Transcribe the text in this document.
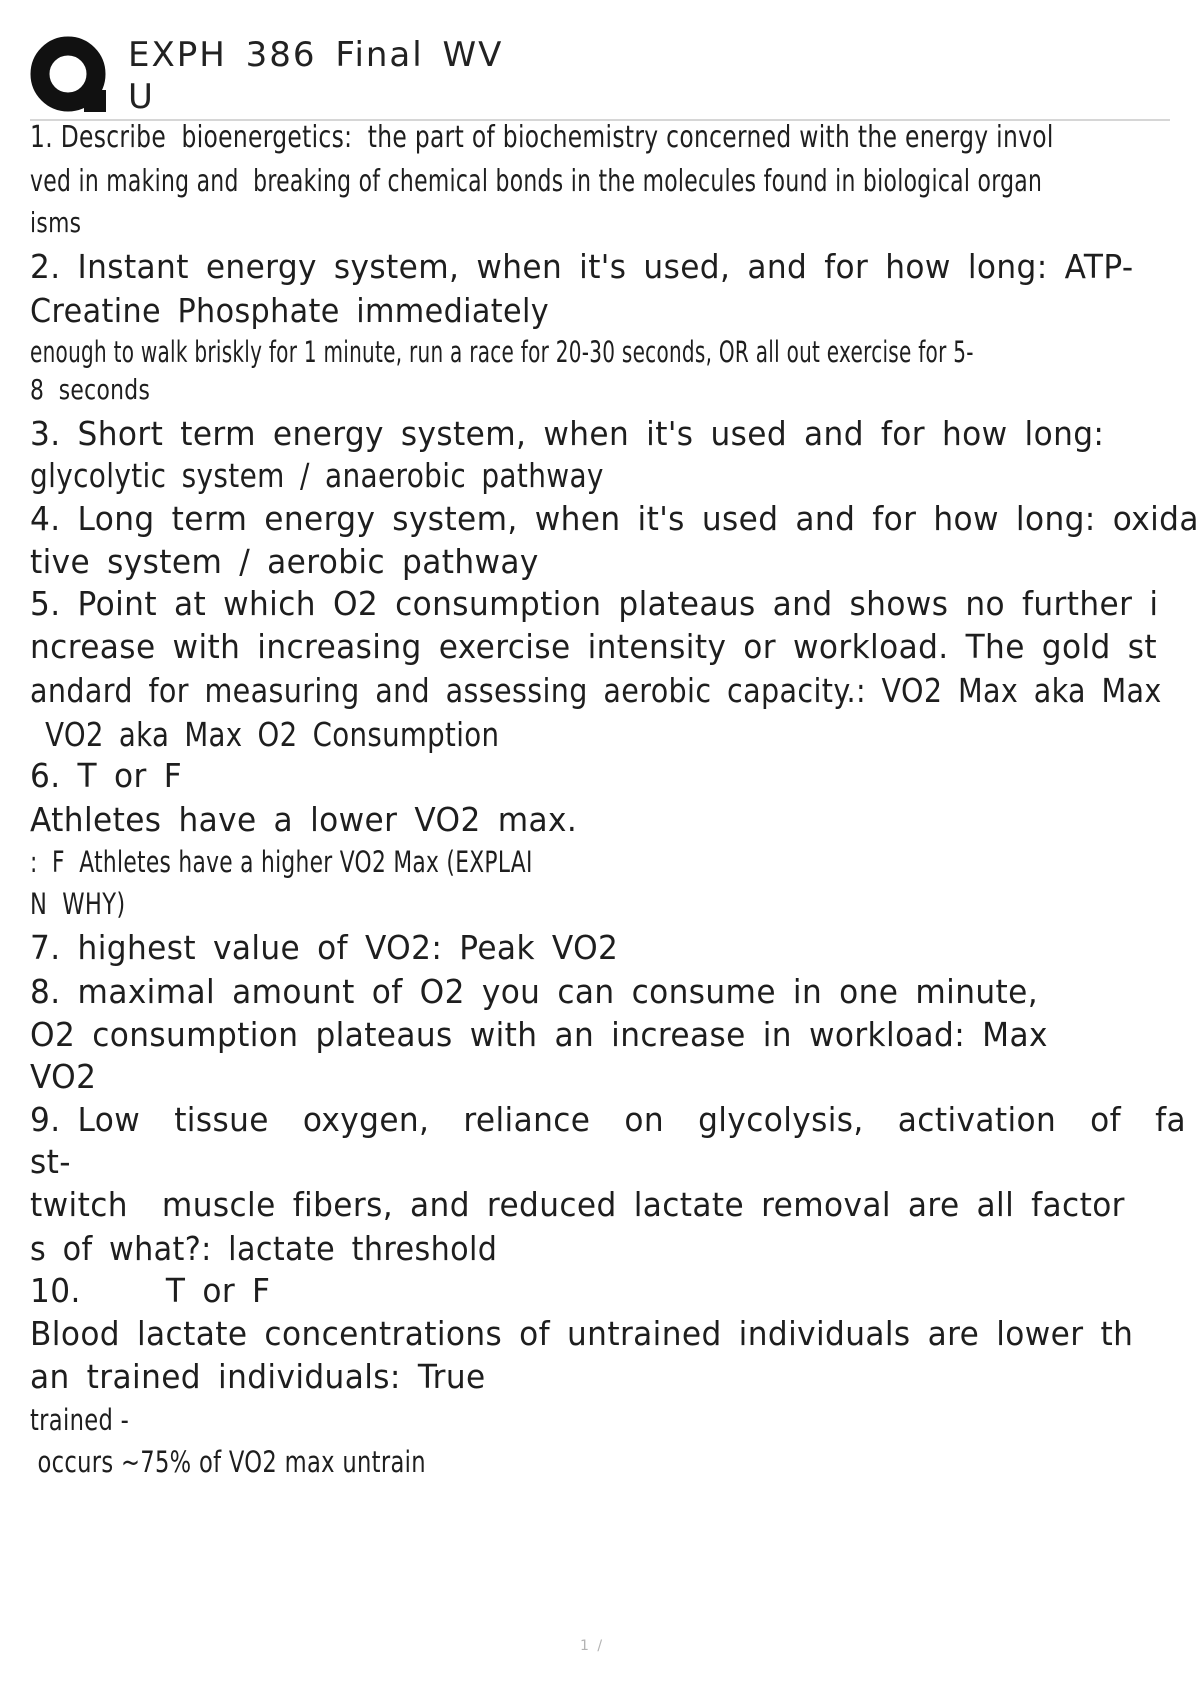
EXPH 386 Final WV
U
1. Describe  bioenergetics:  the part of biochemistry concerned with the energy invol
ved in making and  breaking of chemical bonds in the molecules found in biological organ
isms
2. Instant energy system, when it's used, and for how long: ATP-
Creatine Phosphate immediately
enough to walk briskly for 1 minute, run a race for 20-30 seconds, OR all out exercise for 5-
8  seconds
3. Short term energy system, when it's used and for how long:
glycolytic system / anaerobic pathway
4. Long term energy system, when it's used and for how long: oxida
tive system / aerobic pathway
5. Point at which O2 consumption plateaus and shows no further i
ncrease with increasing exercise intensity or workload. The gold st
andard for measuring and assessing aerobic capacity.: VO2 Max aka Max
VO2 aka Max O2 Consumption
6. T or F
Athletes have a lower VO2 max.
:  F  Athletes have a higher VO2 Max (EXPLAI
N  WHY)
7. highest value of VO2: Peak VO2
8. maximal amount of O2 you can consume in one minute,
O2 consumption plateaus with an increase in workload: Max
VO2
9. Low  tissue  oxygen,  reliance  on  glycolysis,  activation  of  fa
st-
twitch  muscle fibers, and reduced lactate removal are all factor
s of what?: lactate threshold
10.     T or F
Blood lactate concentrations of untrained individuals are lower th
an trained individuals: True
trained -
occurs ~75% of VO2 max untrain
1 /
